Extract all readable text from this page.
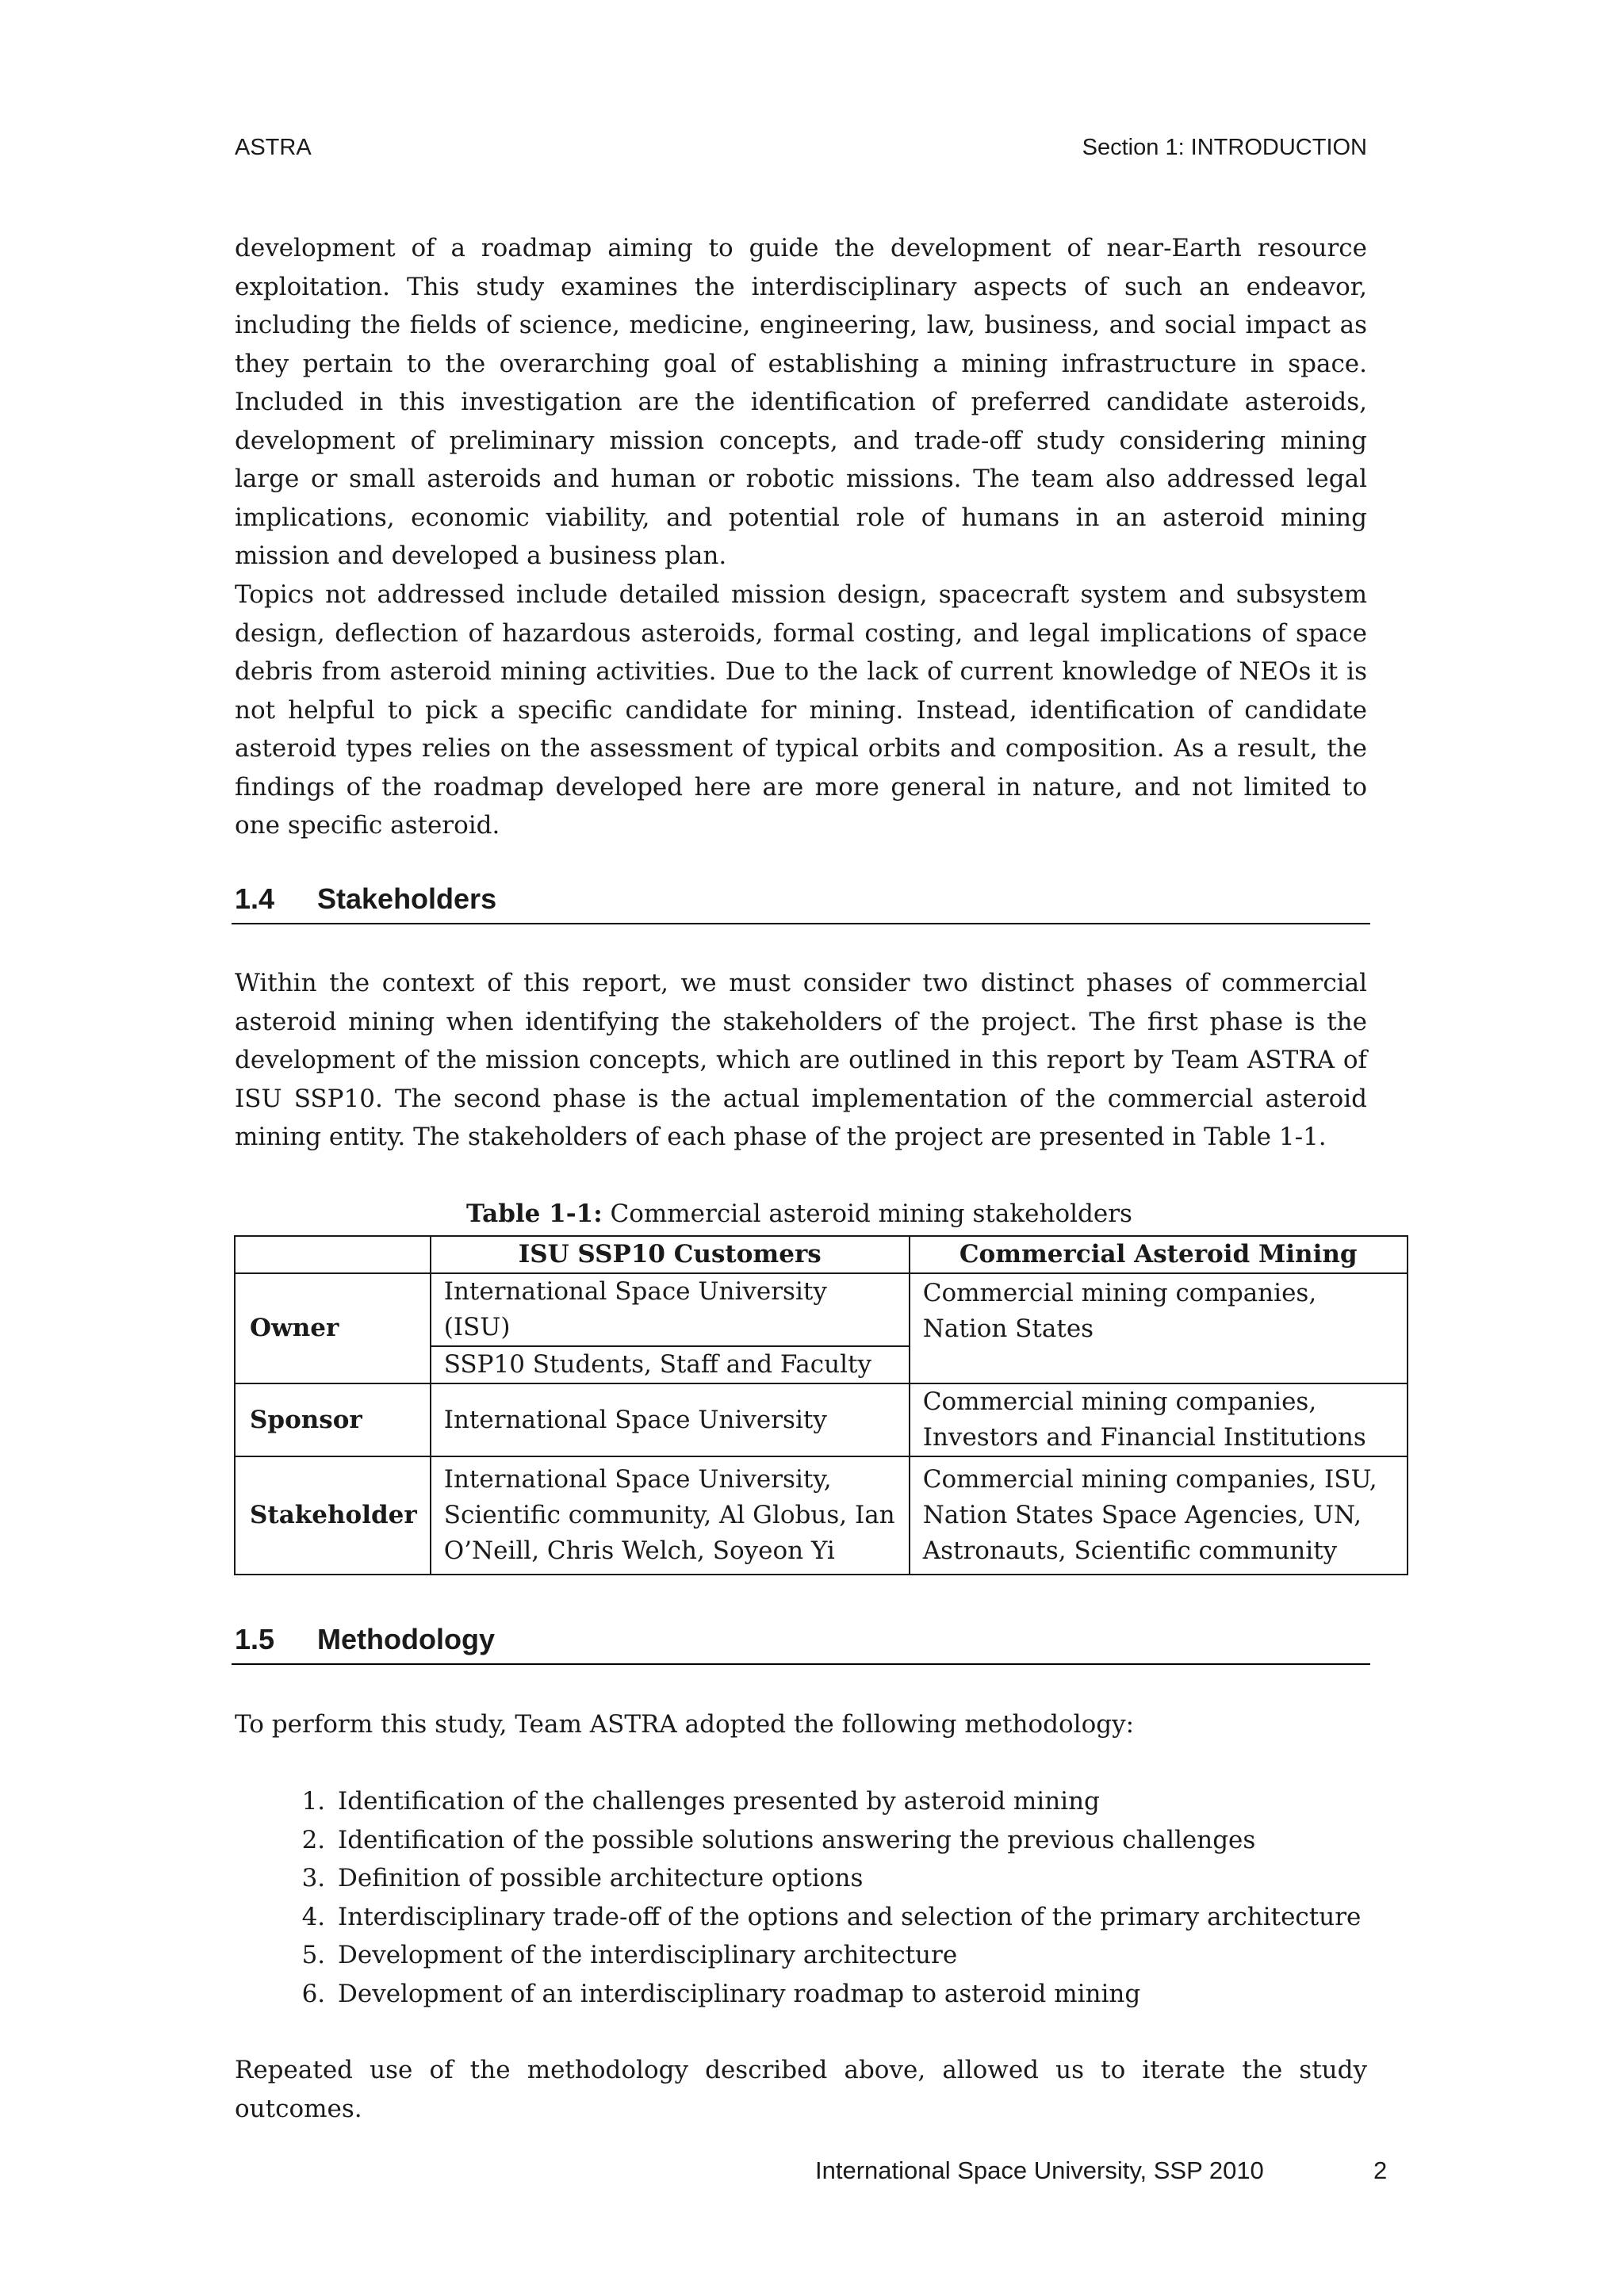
ASTRA	Section 1: INTRODUCTION

development of a roadmap aiming to guide the development of near-Earth resource exploitation. This study examines the interdisciplinary aspects of such an endeavor, including the fields of science, medicine, engineering, law, business, and social impact as they pertain to the overarching goal of establishing a mining infrastructure in space. Included in this investigation are the identification of preferred candidate asteroids, development of preliminary mission concepts, and trade-off study considering mining large or small asteroids and human or robotic missions. The team also addressed legal implications, economic viability, and potential role of humans in an asteroid mining mission and developed a business plan.

Topics not addressed include detailed mission design, spacecraft system and subsystem design, deflection of hazardous asteroids, formal costing, and legal implications of space debris from asteroid mining activities. Due to the lack of current knowledge of NEOs it is not helpful to pick a specific candidate for mining. Instead, identification of candidate asteroid types relies on the assessment of typical orbits and composition. As a result, the findings of the roadmap developed here are more general in nature, and not limited to one specific asteroid.

1.4 Stakeholders

Within the context of this report, we must consider two distinct phases of commercial asteroid mining when identifying the stakeholders of the project. The first phase is the development of the mission concepts, which are outlined in this report by Team ASTRA of ISU SSP10. The second phase is the actual implementation of the commercial asteroid mining entity. The stakeholders of each phase of the project are presented in Table 1-1.

Table 1-1: Commercial asteroid mining stakeholders
	ISU SSP10 Customers	Commercial Asteroid Mining
Owner	International Space University (ISU)	Commercial mining companies, Nation States
	SSP10 Students, Staff and Faculty	
Sponsor	International Space University	Commercial mining companies, Investors and Financial Institutions
Stakeholder	International Space University, Scientific community, Al Globus, Ian O’Neill, Chris Welch, Soyeon Yi	Commercial mining companies, ISU, Nation States Space Agencies, UN, Astronauts, Scientific community
1.5 Methodology

To perform this study, Team ASTRA adopted the following methodology:

1. Identification of the challenges presented by asteroid mining
2. Identification of the possible solutions answering the previous challenges
3. Definition of possible architecture options
4. Interdisciplinary trade-off of the options and selection of the primary architecture
5. Development of the interdisciplinary architecture
6. Development of an interdisciplinary roadmap to asteroid mining

Repeated use of the methodology described above, allowed us to iterate the study outcomes.

International Space University, SSP 2010	2
